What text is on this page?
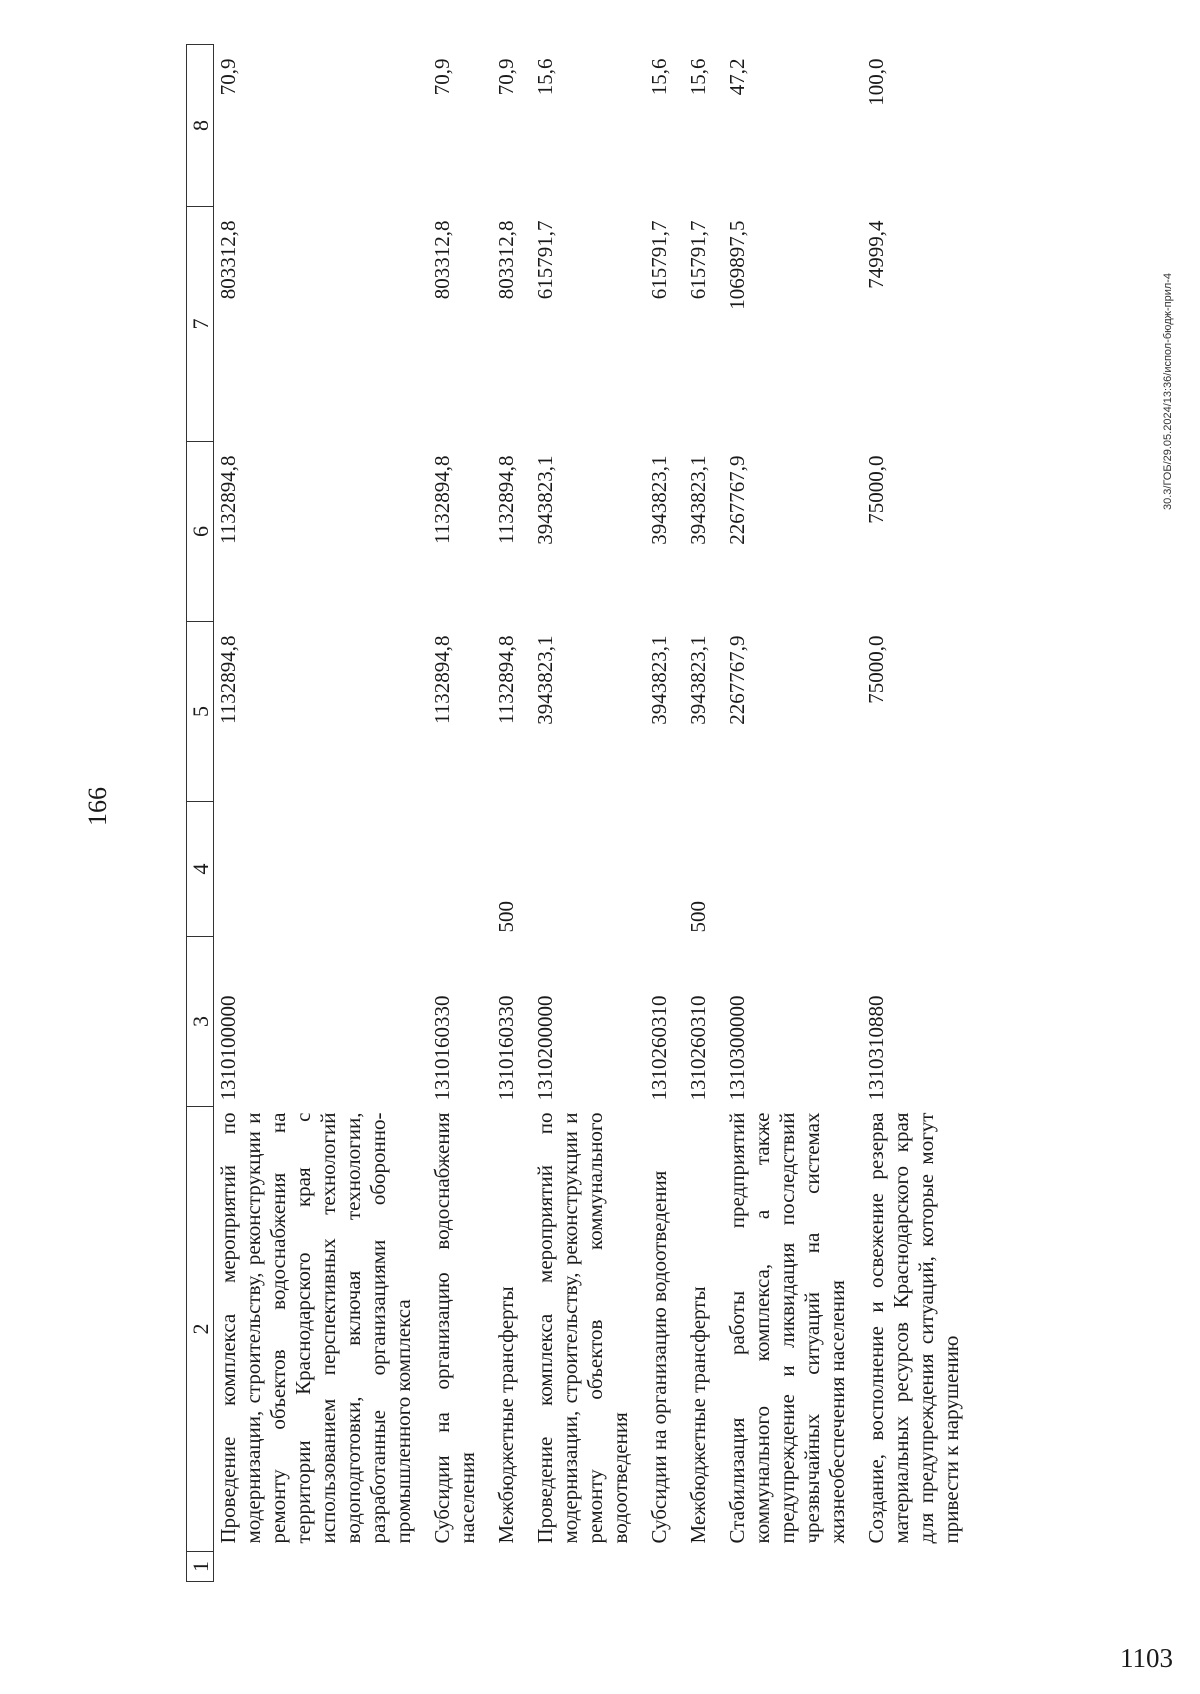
1	2	3	4	5	6	7	8
	Проведение комплекса мероприятий по модернизации, строительству, реконструкции и ремонту объектов водоснабжения на территории Краснодарского края с использованием перспективных технологий водоподготовки, включая технологии, разработанные организациями оборонно-промышленного комплекса	1310100000		1132894,8	1132894,8	803312,8	70,9
	Субсидии на организацию водоснабжения населения	1310160330		1132894,8	1132894,8	803312,8	70,9
	Межбюджетные трансферты	1310160330	500	1132894,8	1132894,8	803312,8	70,9
	Проведение комплекса мероприятий по модернизации, строительству, реконструкции и ремонту объектов коммунального водоотведения	1310200000		3943823,1	3943823,1	615791,7	15,6
	Субсидии на организацию водоотведения	1310260310		3943823,1	3943823,1	615791,7	15,6
	Межбюджетные трансферты	1310260310	500	3943823,1	3943823,1	615791,7	15,6
	Стабилизация работы предприятий коммунального комплекса, а также предупреждение и ликвидация последствий чрезвычайных ситуаций на системах жизнеобеспечения населения	1310300000		2267767,9	2267767,9	1069897,5	47,2
	Создание, восполнение и освежение резерва материальных ресурсов Краснодарского края для предупреждения ситуаций, которые могут привести к нарушению	1310310880		75000,0	75000,0	74999,4	100,0
166
30.3/ГОБ/29.05.2024/13:36/испол-бюдж-прил-4
1103
